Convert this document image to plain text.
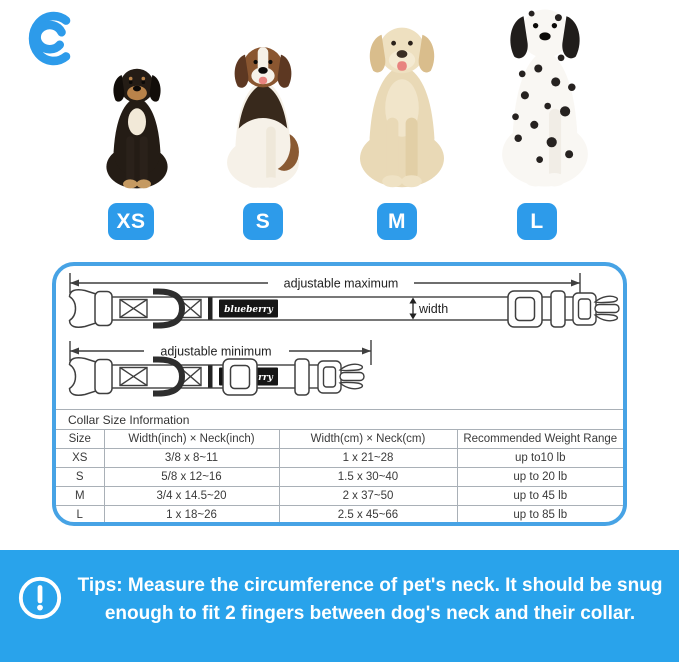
XS	S	M	L
adjustable maximum
width
blueberry
adjustable minimum
Collar Size Information
Size	Width(inch) × Neck(inch)	Width(cm) × Neck(cm)	Recommended Weight Range
XS	3/8 x 8~11	1 x 21~28	up to10 lb
S	5/8 x 12~16	1.5 x 30~40	up to 20 lb
M	3/4 x 14.5~20	2 x 37~50	up to 45 lb
L	1 x 18~26	2.5 x 45~66	up to 85 lb
Tips: Measure the circumference of pet's neck. It should be snug
enough to fit 2 fingers between dog's neck and their collar.
